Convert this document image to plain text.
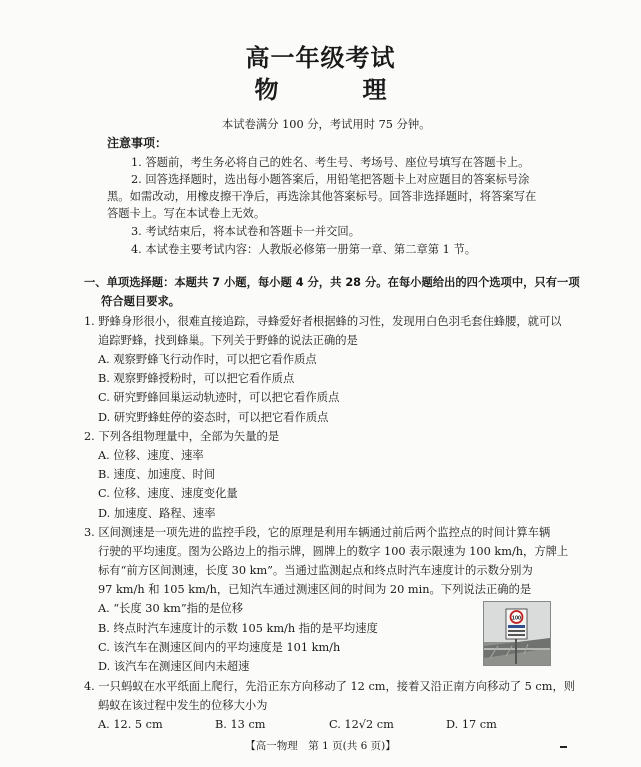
高一年级考试
物　理
本试卷满分 100 分，考试用时 75 分钟。
注意事项：
1. 答题前，考生务必将自己的姓名、考生号、考场号、座位号填写在答题卡上。
2. 回答选择题时，选出每小题答案后，用铅笔把答题卡上对应题目的答案标号涂
黑。如需改动，用橡皮擦干净后，再选涂其他答案标号。回答非选择题时，将答案写在
答题卡上。写在本试卷上无效。
3. 考试结束后，将本试卷和答题卡一并交回。
4. 本试卷主要考试内容：人教版必修第一册第一章、第二章第 1 节。
一、单项选择题：本题共 7 小题，每小题 4 分，共 28 分。在每小题给出的四个选项中，只有一项
符合题目要求。
1. 野蜂身形很小，很难直接追踪，寻蜂爱好者根据蜂的习性，发现用白色羽毛套住蜂腰，就可以
追踪野蜂，找到蜂巢。下列关于野蜂的说法正确的是
A. 观察野蜂飞行动作时，可以把它看作质点
B. 观察野蜂授粉时，可以把它看作质点
C. 研究野蜂回巢运动轨迹时，可以把它看作质点
D. 研究野蜂蛀停的姿态时，可以把它看作质点
2. 下列各组物理量中，全部为矢量的是
A. 位移、速度、速率
B. 速度、加速度、时间
C. 位移、速度、速度变化量
D. 加速度、路程、速率
3. 区间测速是一项先进的监控手段，它的原理是利用车辆通过前后两个监控点的时间计算车辆
行驶的平均速度。图为公路边上的指示牌，圆牌上的数字 100 表示限速为 100 km/h，方牌上
标有“前方区间测速，长度 30 km”。当通过监测起点和终点时汽车速度计的示数分别为
97 km/h 和 105 km/h，已知汽车通过测速区间的时间为 20 min。下列说法正确的是
A. “长度 30 km”指的是位移
B. 终点时汽车速度计的示数 105 km/h 指的是平均速度
C. 该汽车在测速区间内的平均速度是 101 km/h
D. 该汽车在测速区间内未超速
100
4. 一只蚂蚁在水平纸面上爬行，先沿正东方向移动了 12 cm，接着又沿正南方向移动了 5 cm，则
蚂蚁在该过程中发生的位移大小为
A. 12. 5 cm	B. 13 cm	C. 12√2 cm	D. 17 cm
【高一物理　第 1 页(共 6 页)】
